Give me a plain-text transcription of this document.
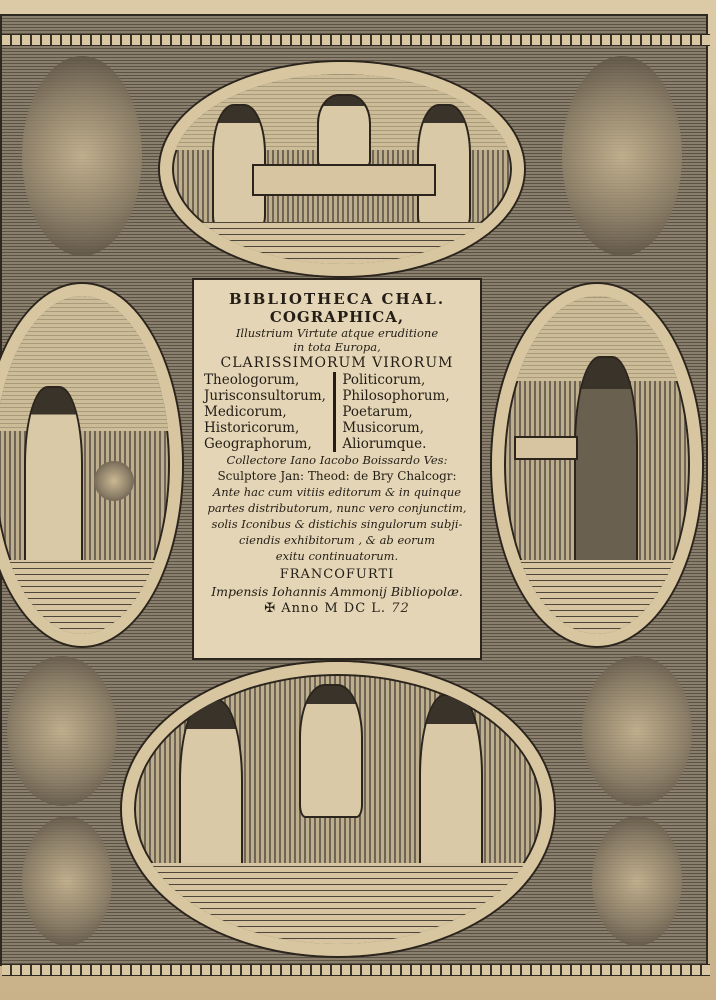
BIBLIOTHECA CHAL.

COGRAPHICA,

Illustrium Virtute atque eruditione

in tota Europa,

CLARISSIMORUM VIRORUM

Theologorum,
Jurisconsultorum,
Medicorum,
Historicorum,
Geographorum,
Politicorum,
Philosophorum,
Poetarum,
Musicorum,
Aliorumque.

Collectore Iano Iacobo Boissardo Ves:

Sculptore Jan: Theod: de Bry Chalcogr:

Ante hac cum vitiis editorum & in quinque

partes distributorum, nunc vero conjunctim,

solis Iconibus & distichis singulorum subji-

ciendis exhibitorum , & ab eorum

exitu continuatorum.

FRANCOFURTI

Impensis Iohannis Ammonij Bibliopolæ.

✠ Anno M DC L. 72
